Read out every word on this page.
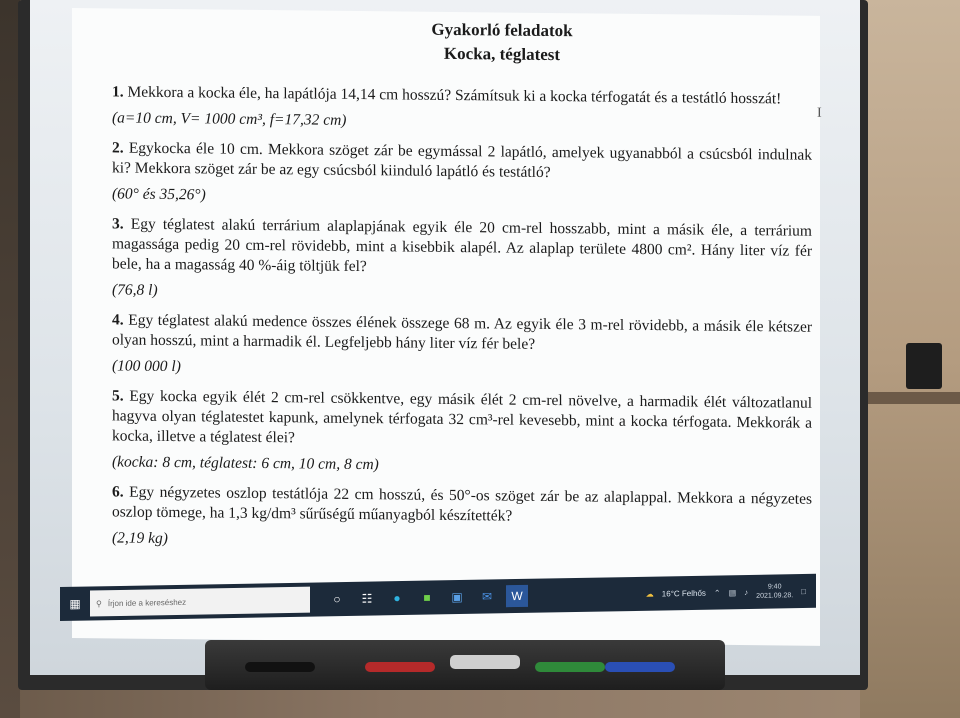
Gyakorló feladatok

Kocka, téglatest

I

1. Mekkora a kocka éle, ha lapátlója 14,14 cm hosszú? Számítsuk ki a kocka térfogatát és a testátló hosszát!

(a=10 cm, V= 1000 cm³, f=17,32 cm)

2. Egykocka éle 10 cm. Mekkora szöget zár be egymással 2 lapátló, amelyek ugyanabból a csúcsból indulnak ki? Mekkora szöget zár be az egy csúcsból kiinduló lapátló és testátló?

(60° és 35,26°)

3. Egy téglatest alakú terrárium alaplapjának egyik éle 20 cm-rel hosszabb, mint a másik éle, a terrárium magassága pedig 20 cm-rel rövidebb, mint a kisebbik alapél. Az alaplap területe 4800 cm². Hány liter víz fér bele, ha a magasság 40 %-áig töltjük fel?

(76,8 l)

4. Egy téglatest alakú medence összes élének összege 68 m. Az egyik éle 3 m-rel rövidebb, a másik éle kétszer olyan hosszú, mint a harmadik él. Legfeljebb hány liter víz fér bele?

(100 000 l)

5. Egy kocka egyik élét 2 cm-rel csökkentve, egy másik élét 2 cm-rel növelve, a harmadik élét változatlanul hagyva olyan téglatestet kapunk, amelynek térfogata 32 cm³-rel kevesebb, mint a kocka térfogata. Mekkorák a kocka, illetve a téglatest élei?

(kocka: 8 cm, téglatest: 6 cm, 10 cm, 8 cm)

6. Egy négyzetes oszlop testátlója 22 cm hosszú, és 50°-os szöget zár be az alaplappal. Mekkora a négyzetes oszlop tömege, ha 1,3 kg/dm³ sűrűségű műanyagból készítették?

(2,19 kg)

▦	⚲ Írjon ide a kereséshez	○	☷	●	■	▣	✉	W	☁ 16°C Felhős ⌃ ▤ ♪
9:40
2021.09.28.
□
